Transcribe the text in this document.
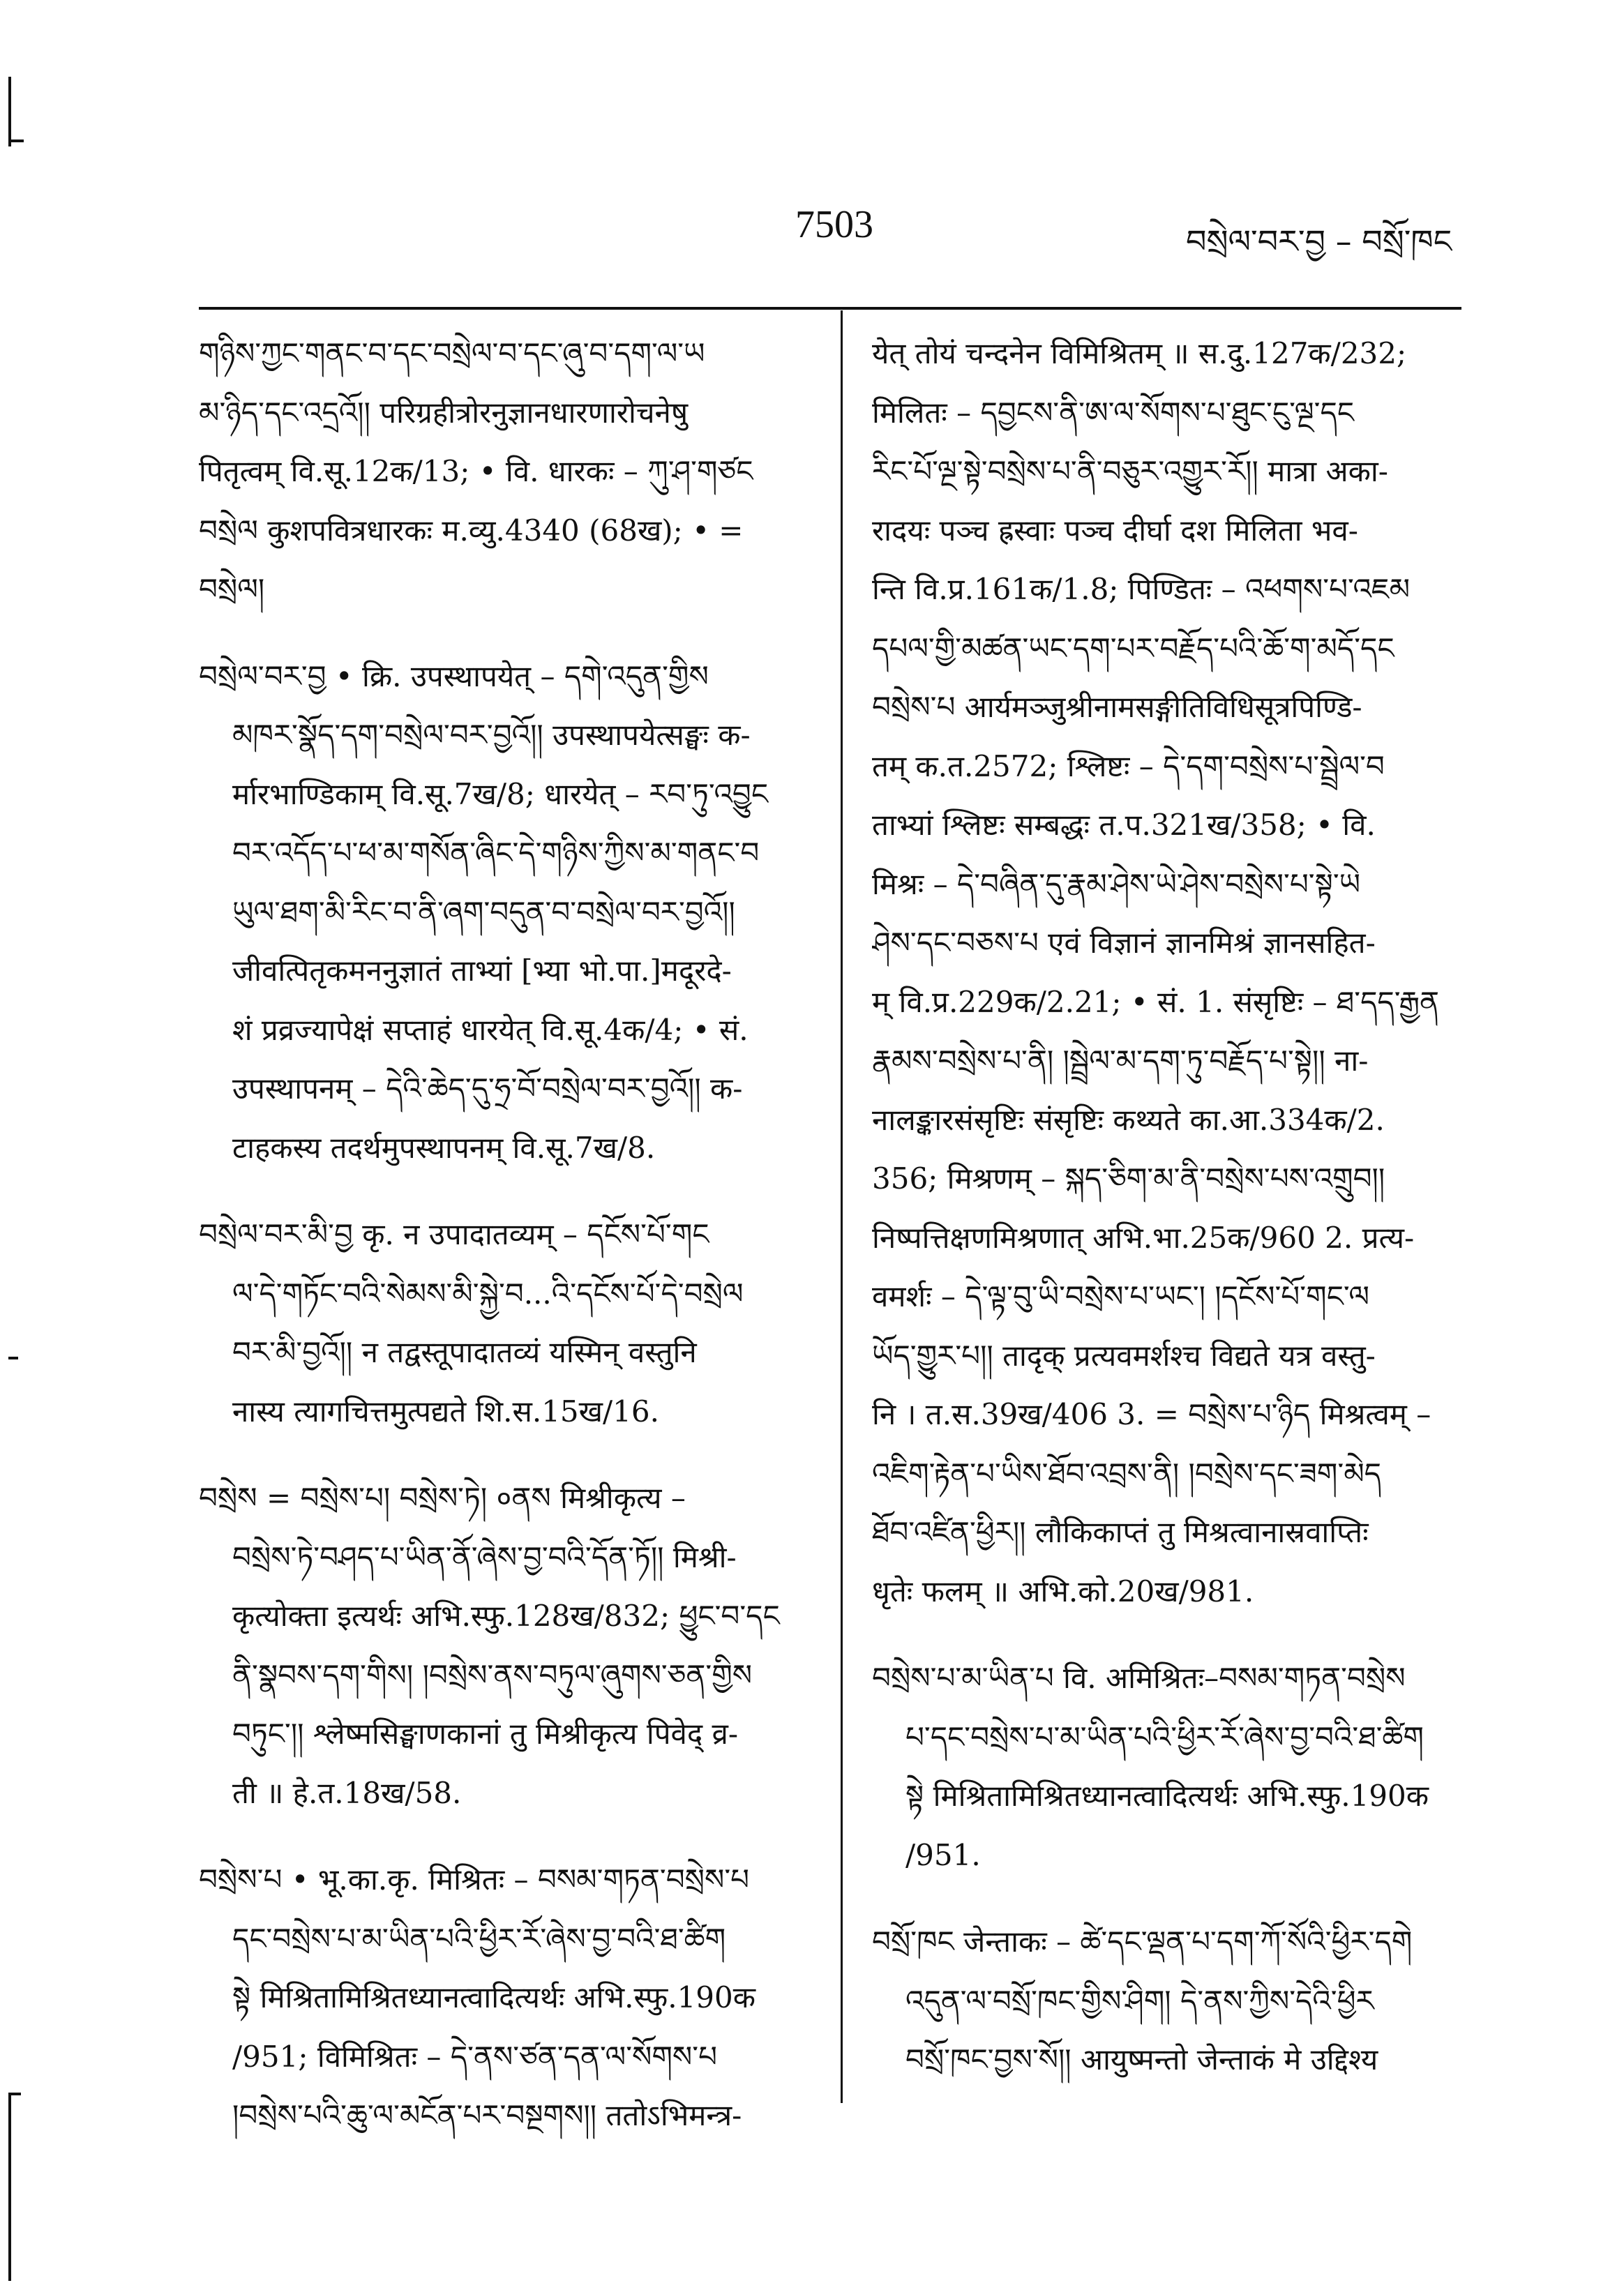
7503	བསྲེལ་བར་བྱ – བསྲོ་ཁང
གཉིས་ཀྱང་གནང་བ་དང་བསྲེལ་བ་དང་ཞུ་བ་དག་ལ་ཡ
མ་ཉིད་དང་འདྲའོ།། परिग्रहीत्रोरनुज्ञानधारणारोचनेषु
पितृत्वम् वि.सू.12क/13; • वि. धारकः – ཀུ་ཤ་གཙང
བསྲེལ कुशपवित्रधारकः म.व्यु.4340 (68ख); • =
བསྲེལ།
བསྲེལ་བར་བྱ • क्रि. उपस्थापयेत् – དགེ་འདུན་གྱིས
མཁར་སྣོད་དག་བསྲེལ་བར་བྱའོ།། उपस्थापयेत्सङ्घः क-
र्मारभाण्डिकाम् वि.सू.7ख/8; धारयेत् – རབ་ཏུ་འབྱུང
བར་འདོད་པ་ཕ་མ་གསོན་ཞིང་དེ་གཉིས་ཀྱིས་མ་གནང་བ
ཡུལ་ཐག་མི་རིང་བ་ནི་ཞག་བདུན་བ་བསྲེལ་བར་བྱའོ།།
जीवत्पितृकमननुज्ञातं ताभ्यां [भ्या भो.पा.]मदूरदे-
शं प्रव्रज्यापेक्षं सप्ताहं धारयेत् वि.सू.4क/4; • सं.
उपस्थापनम् – དེའི་ཆེད་དུ་ཧྲ་བོ་བསྲེལ་བར་བྱའོ།། क-
टाहकस्य तदर्थमुपस्थापनम् वि.सू.7ख/8.
བསྲེལ་བར་མི་བྱ कृ. न उपादातव्यम् – དངོས་པོ་གང
ལ་དེ་གཏོང་བའི་སེམས་མི་སྐྱེ་བ...འི་དངོས་པོ་དེ་བསྲེལ
བར་མི་བྱའོ།། न तद्वस्तूपादातव्यं यस्मिन् वस्तुनि
नास्य त्यागचित्तमुत्पद्यते शि.स.15ख/16.
བསྲེས = བསྲེས་པ། བསྲེས་ཏེ། ०ནས मिश्रीकृत्य –
བསྲེས་ཏེ་བཤད་པ་ཡིན་ནོ་ཞེས་བྱ་བའི་དོན་ཏོ།། मिश्री-
कृत्योक्ता इत्यर्थः अभि.स्फु.128ख/832; ཕྱུང་བ་དང
ནི་སྣབས་དག་གིས། །བསྲེས་ནས་བཏུལ་ཞུགས་ཅན་གྱིས
བཏུང་།། श्लेष्मसिङ्घाणकानां तु मिश्रीकृत्य पिवेद् व्र-
ती ॥ हे.त.18ख/58.
བསྲེས་པ • भू.का.कृ. मिश्रितः – བསམ་གཏན་བསྲེས་པ
དང་བསྲེས་པ་མ་ཡིན་པའི་ཕྱིར་རོ་ཞེས་བྱ་བའི་ཐ་ཚིག
སྟེ मिश्रितामिश्रितध्यानत्वादित्यर्थः अभि.स्फु.190क
/951; विमिश्रितः – དེ་ནས་ཙན་དན་ལ་སོགས་པ
།བསྲེས་པའི་ཆུ་ལ་མངོན་པར་བསྔགས།། ततोऽभिमन्त्र-
येत् तोयं चन्दनेन विमिश्रितम् ॥ स.दु.127क/232;
मिलितः – དབྱངས་ནི་ཨ་ལ་སོགས་པ་ཐུང་ངུ་ལྔ་དང
རིང་པོ་ལྔ་སྟེ་བསྲེས་པ་ནི་བཅུར་འགྱུར་རོ།། मात्रा अका-
रादयः पञ्च ह्रस्वाः पञ्च दीर्घा दश मिलिता भव-
न्ति वि.प्र.161क/1.8; पिण्डितः – འཕགས་པ་འཇམ
དཔལ་གྱི་མཚན་ཡང་དག་པར་བརྗོད་པའི་ཆོ་ག་མདོ་དང
བསྲེས་པ आर्यमञ्जुश्रीनामसङ्गीतिविधिसूत्रपिण्डि-
तम् क.त.2572; श्लिष्टः – དེ་དག་བསྲེས་པ་སྦྲེལ་བ
ताभ्यां श्लिष्टः सम्बद्धः त.प.321ख/358; • वि.
मिश्रः – དེ་བཞིན་དུ་རྣམ་ཤེས་ཡེ་ཤེས་བསྲེས་པ་སྟེ་ཡེ
ཤེས་དང་བཅས་པ एवं विज्ञानं ज्ञानमिश्रं ज्ञानसहित-
म् वि.प्र.229क/2.21; • सं. 1. संसृष्टिः – ཐ་དད་རྒྱན
རྣམས་བསྲེས་པ་ནི། །སྦྲེལ་མ་དག་ཏུ་བརྗོད་པ་སྟེ།། ना-
नालङ्कारसंसृष्टिः संसृष्टिः कथ्यते का.आ.334क/2.
356; मिश्रणम् – སྐད་ཅིག་མ་ནི་བསྲེས་པས་འགྲུབ།།
निष्पत्तिक्षणमिश्रणात् अभि.भा.25क/960 2. प्रत्य-
वमर्शः – དེ་ལྟ་བུ་ཡི་བསྲེས་པ་ཡང་། །དངོས་པོ་གང་ལ
ཡོད་གྱུར་པ།། तादृक् प्रत्यवमर्शश्च विद्यते यत्र वस्तु-
नि । त.स.39ख/406 3. = བསྲེས་པ་ཉིད मिश्रत्वम् –
འཇིག་རྟེན་པ་ཡིས་ཐོབ་འབྲས་ནི། །བསྲེས་དང་ཟག་མེད
ཐོབ་འཛིན་ཕྱིར།། लौकिकाप्तं तु मिश्रत्वानास्रवाप्तिः
धृतेः फलम् ॥ अभि.को.20ख/981.
བསྲེས་པ་མ་ཡིན་པ वि. अमिश्रितः–བསམ་གཏན་བསྲེས
པ་དང་བསྲེས་པ་མ་ཡིན་པའི་ཕྱིར་རོ་ཞེས་བྱ་བའི་ཐ་ཚིག
སྟེ मिश्रितामिश्रितध्यानत्वादित्यर्थः अभि.स्फु.190क
/951.
བསྲོ་ཁང जेन्ताकः – ཚེ་དང་ལྡན་པ་དག་ཀོ་སོའི་ཕྱིར་དགེ
འདུན་ལ་བསྲོ་ཁང་གྱིས་ཤིག། དེ་ནས་ཀྱིས་དེའི་ཕྱིར
བསྲོ་ཁང་བྱས་སོ།། आयुष्मन्तो जेन्ताकं मे उद्दिश्य
